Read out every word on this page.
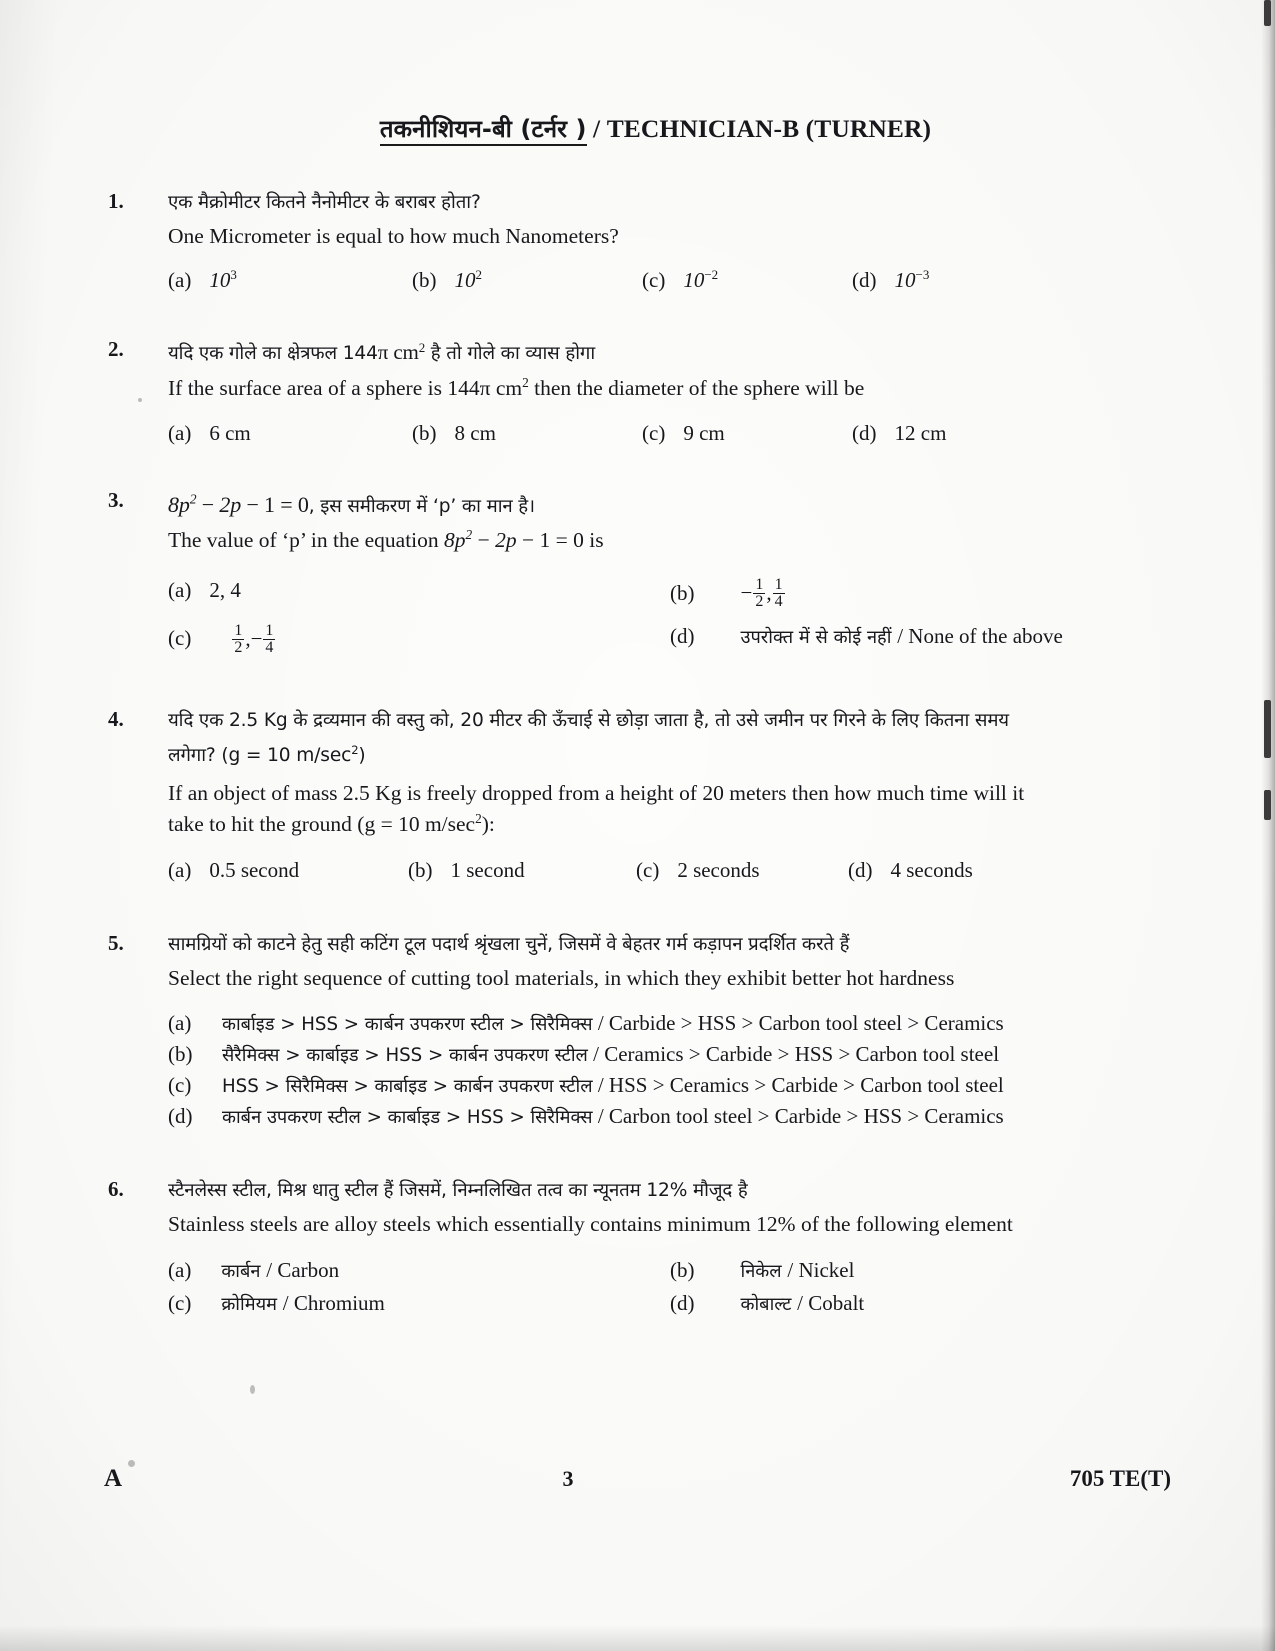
तकनीशियन-बी (टर्नर ) / TECHNICIAN-B (TURNER)
1. एक मैक्रोमीटर कितने नैनोमीटर के बराबर होता?
One Micrometer is equal to how much Nanometers?
(a) $10^3$	(b) $10^2$	(c) $10^{-2}$	(d) $10^{-3}$
2. यदि एक गोले का क्षेत्रफल 144π $cm^2$ है तो गोले का व्यास होगा
If the surface area of a sphere is 144π $cm^2$ then the diameter of the sphere will be
(a) 6 cm	(b) 8 cm	(c) 9 cm	(d) 12 cm
3. $8p^2 - 2p - 1 = 0$, इस समीकरण में ‘p’ का मान है।
The value of ‘p’ in the equation $8p^2 - 2p - 1 = 0$ is
(a) 2, 4	$(b) - \frac{1}{2}$ , $\frac{1}{4}$
(c)	$\frac{1}{2}$ ,− $\frac{1}{4}$	(d)	उपरोक्त में से कोई नहीं / None of the above
4. यदि एक 2.5 Kg के द्रव्यमान की वस्तु को, 20 मीटर की ऊँचाई से छोड़ा जाता है, तो उसे जमीन पर गिरने के लिए कितना समय
लगेगा? (g = 10 $m/\sec^2$)
If an object of mass 2.5 Kg is freely dropped from a height of 20 meters then how much time will it
take to hit the ground (g = 10 $m/\sec^2$):
(a) 0.5 second	(b) 1 second	(c) 2 seconds	(d) 4 seconds
5. सामग्रियों को काटने हेतु सही कटिंग टूल पदार्थ श्रृंखला चुनें, जिसमें वे बेहतर गर्म कड़ापन प्रदर्शित करते हैं
Select the right sequence of cutting tool materials, in which they exhibit better hot hardness
(a)	कार्बाइड > HSS > कार्बन उपकरण स्टील > सिरैमिक्स / Carbide > HSS > Carbon tool steel > Ceramics
(b)	सैरैमिक्स > कार्बाइड > HSS > कार्बन उपकरण स्टील / Ceramics > Carbide > HSS > Carbon tool steel
(c)	HSS > सिरैमिक्स > कार्बाइड > कार्बन उपकरण स्टील / HSS > Ceramics > Carbide > Carbon tool steel
(d)	कार्बन उपकरण स्टील > कार्बाइड > HSS > सिरैमिक्स / Carbon tool steel > Carbide > HSS > Ceramics
6. स्टैनलेस्स स्टील, मिश्र धातु स्टील हैं जिसमें, निम्नलिखित तत्व का न्यूनतम 12% मौजूद है
Stainless steels are alloy steels which essentially contains minimum 12% of the following element
(a) कार्बन / Carbon	(b)	निकेल / Nickel
(c) क्रोमियम / Chromium	(d)	कोबाल्ट / Cobalt
A	3	705 TE(T)
